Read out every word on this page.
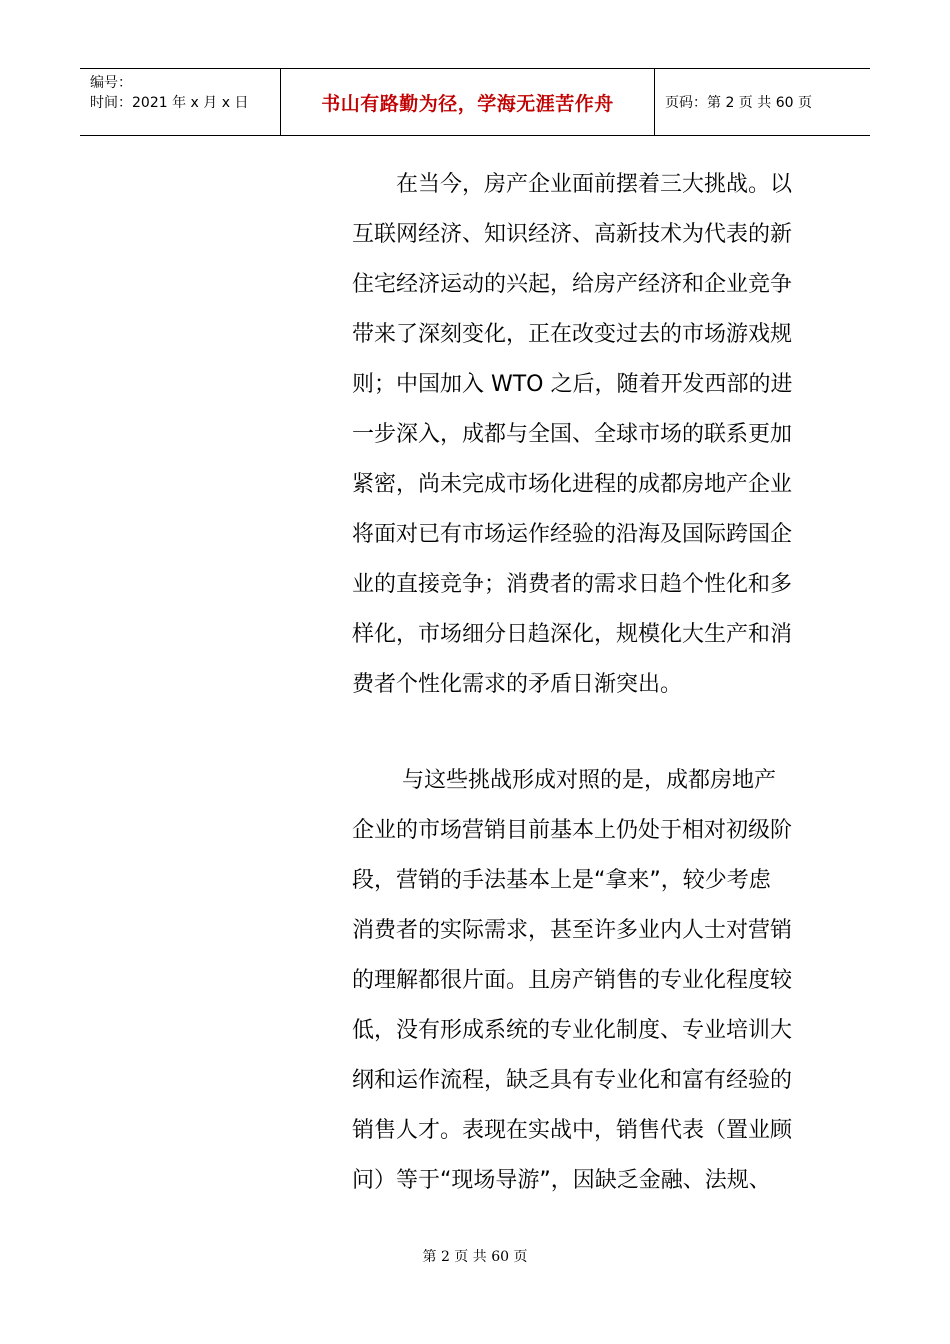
编号：
时间：2021 年 x 月 x 日	书山有路勤为径，学海无涯苦作舟	页码：第 2 页 共 60 页
在当今，房产企业面前摆着三大挑战。以
互联网经济、知识经济、高新技术为代表的新
住宅经济运动的兴起，给房产经济和企业竞争
带来了深刻变化，正在改变过去的市场游戏规
则；中国加入 WTO 之后，随着开发西部的进
一步深入，成都与全国、全球市场的联系更加
紧密，尚未完成市场化进程的成都房地产企业
将面对已有市场运作经验的沿海及国际跨国企
业的直接竞争；消费者的需求日趋个性化和多
样化，市场细分日趋深化，规模化大生产和消
费者个性化需求的矛盾日渐突出。
与这些挑战形成对照的是，成都房地产
企业的市场营销目前基本上仍处于相对初级阶
段，营销的手法基本上是“拿来”，较少考虑
消费者的实际需求，甚至许多业内人士对营销
的理解都很片面。且房产销售的专业化程度较
低，没有形成系统的专业化制度、专业培训大
纲和运作流程，缺乏具有专业化和富有经验的
销售人才。表现在实战中，销售代表（置业顾
问）等于“现场导游”，因缺乏金融、法规、
第 2 页 共 60 页
